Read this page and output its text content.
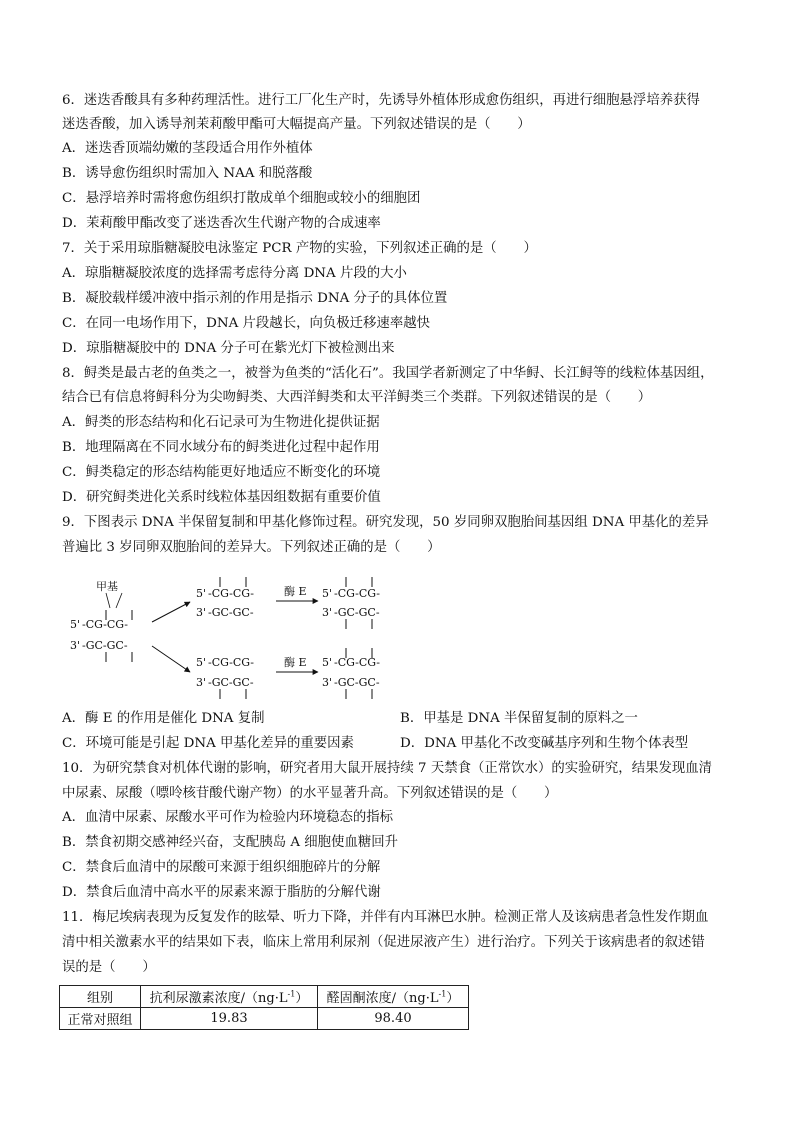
6．迷迭香酸具有多种药理活性。进行工厂化生产时，先诱导外植体形成愈伤组织，再进行细胞悬浮培养获得
迷迭香酸，加入诱导剂茉莉酸甲酯可大幅提高产量。下列叙述错误的是（　　）
A．迷迭香顶端幼嫩的茎段适合用作外植体
B．诱导愈伤组织时需加入 NAA 和脱落酸
C．悬浮培养时需将愈伤组织打散成单个细胞或较小的细胞团
D．茉莉酸甲酯改变了迷迭香次生代谢产物的合成速率
7．关于采用琼脂糖凝胶电泳鉴定 PCR 产物的实验，下列叙述正确的是（　　）
A．琼脂糖凝胶浓度的选择需考虑待分离 DNA 片段的大小
B．凝胶载样缓冲液中指示剂的作用是指示 DNA 分子的具体位置
C．在同一电场作用下，DNA 片段越长，向负极迁移速率越快
D．琼脂糖凝胶中的 DNA 分子可在紫光灯下被检测出来
8．鲟类是最古老的鱼类之一，被誉为鱼类的“活化石”。我国学者新测定了中华鲟、长江鲟等的线粒体基因组，
结合已有信息将鲟科分为尖吻鲟类、大西洋鲟类和太平洋鲟类三个类群。下列叙述错误的是（　　）
A．鲟类的形态结构和化石记录可为生物进化提供证据
B．地理隔离在不同水域分布的鲟类进化过程中起作用
C．鲟类稳定的形态结构能更好地适应不断变化的环境
D．研究鲟类进化关系时线粒体基因组数据有重要价值
9．下图表示 DNA 半保留复制和甲基化修饰过程。研究发现，50 岁同卵双胞胎间基因组 DNA 甲基化的差异
普遍比 3 岁同卵双胞胎间的差异大。下列叙述正确的是（　　）
甲基
5' -CG-CG-
3' -GC-GC-
5' -CG-CG-
3' -GC-GC-
酶 E 5' -CG-CG-
3' -GC-GC-
5' -CG-CG-
3' -GC-GC-
酶 E 5' -CG-CG-
3' -GC-GC-
A．酶 E 的作用是催化 DNA 复制	B．甲基是 DNA 半保留复制的原料之一
C．环境可能是引起 DNA 甲基化差异的重要因素	D．DNA 甲基化不改变碱基序列和生物个体表型
10．为研究禁食对机体代谢的影响，研究者用大鼠开展持续 7 天禁食（正常饮水）的实验研究，结果发现血清
中尿素、尿酸（嘌呤核苷酸代谢产物）的水平显著升高。下列叙述错误的是（　　）
A．血清中尿素、尿酸水平可作为检验内环境稳态的指标
B．禁食初期交感神经兴奋，支配胰岛 A 细胞使血糖回升
C．禁食后血清中的尿酸可来源于组织细胞碎片的分解
D．禁食后血清中高水平的尿素来源于脂肪的分解代谢
11．梅尼埃病表现为反复发作的眩晕、听力下降，并伴有内耳淋巴水肿。检测正常人及该病患者急性发作期血
清中相关激素水平的结果如下表，临床上常用利尿剂（促进尿液产生）进行治疗。下列关于该病患者的叙述错
误的是（　　）
组别	抗利尿激素浓度$/(ng\cdot L^{-1})$	醛固酮浓度$/(ng\cdot L^{-1})$
正常对照组	19.83	98.40
